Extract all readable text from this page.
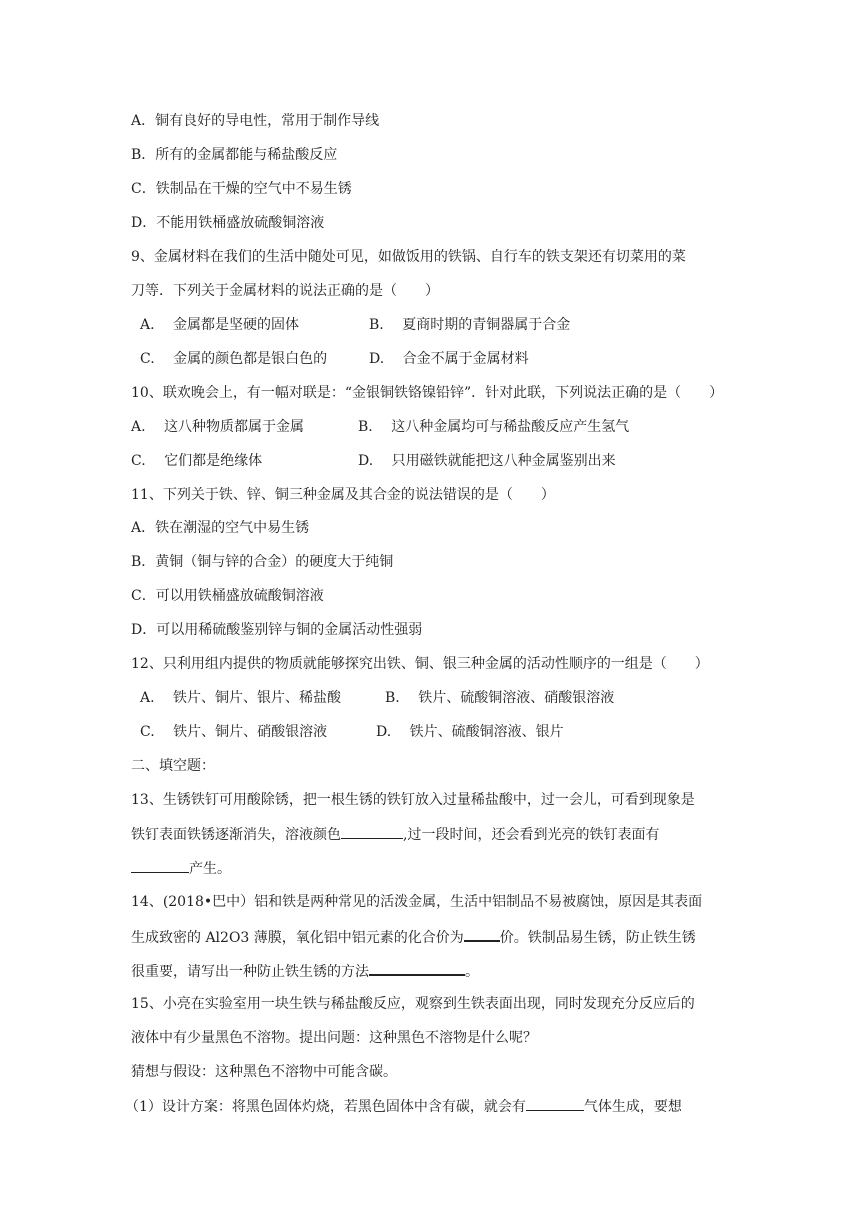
A．铜有良好的导电性，常用于制作导线
B．所有的金属都能与稀盐酸反应
C．铁制品在干燥的空气中不易生锈
D．不能用铁桶盛放硫酸铜溶液
9、金属材料在我们的生活中随处可见，如做饭用的铁锅、自行车的铁支架还有切菜用的菜
刀等．下列关于金属材料的说法正确的是（　　）
A.　 金属都是坚硬的固体	B.　 夏商时期的青铜器属于合金
C.　 金属的颜色都是银白色的	D.　 合金不属于金属材料
10、联欢晚会上，有一幅对联是：“金银铜铁铬镍铅锌”．针对此联，下列说法正确的是（　　）
A.　 这八种物质都属于金属	B.　 这八种金属均可与稀盐酸反应产生氢气
C.　 它们都是绝缘体	D.　 只用磁铁就能把这八种金属鉴别出来
11、下列关于铁、锌、铜三种金属及其合金的说法错误的是（　　）
A．铁在潮湿的空气中易生锈
B．黄铜（铜与锌的合金）的硬度大于纯铜
C．可以用铁桶盛放硫酸铜溶液
D．可以用稀硫酸鉴别锌与铜的金属活动性强弱
12、只利用组内提供的物质就能够探究出铁、铜、银三种金属的活动性顺序的一组是（　　）
A.　 铁片、铜片、银片、稀盐酸	B.　 铁片、硫酸铜溶液、硝酸银溶液
C.　 铁片、铜片、硝酸银溶液	D.　 铁片、硫酸铜溶液、银片
二、填空题：
13、生锈铁钉可用酸除锈，把一根生锈的铁钉放入过量稀盐酸中，过一会儿，可看到现象是
铁钉表面铁锈逐渐消失，溶液颜色	,过一段时间，还会看到光亮的铁钉表面有
产生。
14、(2018•巴中）铝和铁是两种常见的活泼金属，生活中铝制品不易被腐蚀，原因是其表面
生成致密的 Al2O3 薄膜，氧化铝中铝元素的化合价为	价。铁制品易生锈，防止铁生锈
很重要，请写出一种防止铁生锈的方法	。
15、小亮在实验室用一块生铁与稀盐酸反应，观察到生铁表面出现，同时发现充分反应后的
液体中有少量黑色不溶物。提出问题：这种黑色不溶物是什么呢？
猜想与假设：这种黑色不溶物中可能含碳。
（1）设计方案：将黑色固体灼烧，若黑色固体中含有碳，就会有	气体生成，要想
